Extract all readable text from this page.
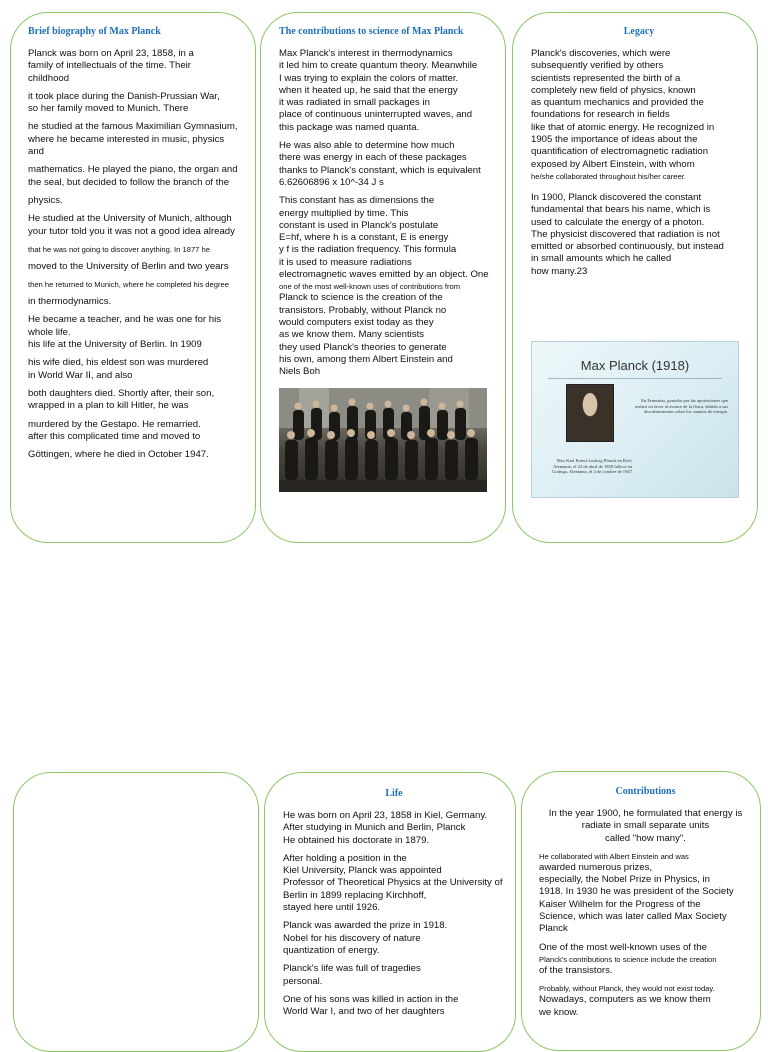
Brief biography of Max Planck

Planck was born on April 23, 1858, in a
family of intellectuals of the time. Their
childhood

it took place during the Danish-Prussian War,
so her family moved to Munich. There

he studied at the famous Maximilian Gymnasium,
where he became interested in music, physics and

mathematics. He played the piano, the organ and
the seal, but decided to follow the branch of the

physics.

He studied at the University of Munich, although
your tutor told you it was not a good idea already

that he was not going to discover anything. In 1877 he

moved to the University of Berlin and two years

then he returned to Munich, where he completed his degree

in thermodynamics.

He became a teacher, and he was one for his whole life.
his life at the University of Berlin. In 1909

his wife died, his eldest son was murdered
in World War II, and also

both daughters died. Shortly after, their son,
wrapped in a plan to kill Hitler, he was

murdered by the Gestapo. He remarried.
after this complicated time and moved to

Göttingen, where he died in October 1947.

The contributions to science of Max Planck

Max Planck's interest in thermodynamics
it led him to create quantum theory. Meanwhile
I was trying to explain the colors of matter.
when it heated up, he said that the energy
it was radiated in small packages in
place of continuous uninterrupted waves, and
this package was named quanta.

He was also able to determine how much
there was energy in each of these packages
thanks to Planck's constant, which is equivalent
6.62606896 x 10^-34 J s

This constant has as dimensions the
energy multiplied by time. This
constant is used in Planck's postulate
E=hf, where h is a constant, E is energy
y f is the radiation frequency. This formula
it is used to measure radiations
electromagnetic waves emitted by an object. One

one of the most well-known uses of contributions from

Planck to science is the creation of the
transistors. Probably, without Planck no
would computers exist today as they
as we know them. Many scientists
they used Planck's theories to generate
his own, among them Albert Einstein and
Niels Boh

Legacy

Planck's discoveries, which were
subsequently verified by others
scientists represented the birth of a
completely new field of physics, known
as quantum mechanics and provided the
foundations for research in fields
like that of atomic energy. He recognized in
1905 the importance of ideas about the
quantification of electromagnetic radiation
exposed by Albert Einstein, with whom

he/she collaborated throughout his/her career.

In 1900, Planck discovered the constant
fundamental that bears his name, which is
used to calculate the energy of a photon.
The physicist discovered that radiation is not
emitted or absorbed continuously, but instead
in small amounts which he called
how many.23

Max Planck (1918)
En Ernestino, gonador por las aportaciones que realizó en favor al avance de la física, debido a sus descubrimientos sobre los cuantos de energía.
Max Karl Ernest Ludwig Planck en Kiel, Alemania, el 23 de abril de 1858 fallece en Gotinga, Alemania, el 4 de octubre de 1947
Life

He was born on April 23, 1858 in Kiel, Germany.
After studying in Munich and Berlin, Planck
He obtained his doctorate in 1879.

After holding a position in the
Kiel University, Planck was appointed
Professor of Theoretical Physics at the University of
Berlin in 1899 replacing Kirchhoff,
stayed here until 1926.

Planck was awarded the prize in 1918.
Nobel for his discovery of nature
quantization of energy.

Planck's life was full of tragedies
personal.

One of his sons was killed in action in the
World War I, and two of her daughters

Contributions

In the year 1900, he formulated that energy is
radiate in small separate units
called "how many".

He collaborated with Albert Einstein and was

awarded numerous prizes,
especially, the Nobel Prize in Physics, in
1918. In 1930 he was president of the Society
Kaiser Wilhelm for the Progress of the
Science, which was later called Max Society
Planck

One of the most well-known uses of the

Planck's contributions to science include the creation

of the transistors.

Probably, without Planck, they would not exist today.

Nowadays, computers as we know them
we know.
